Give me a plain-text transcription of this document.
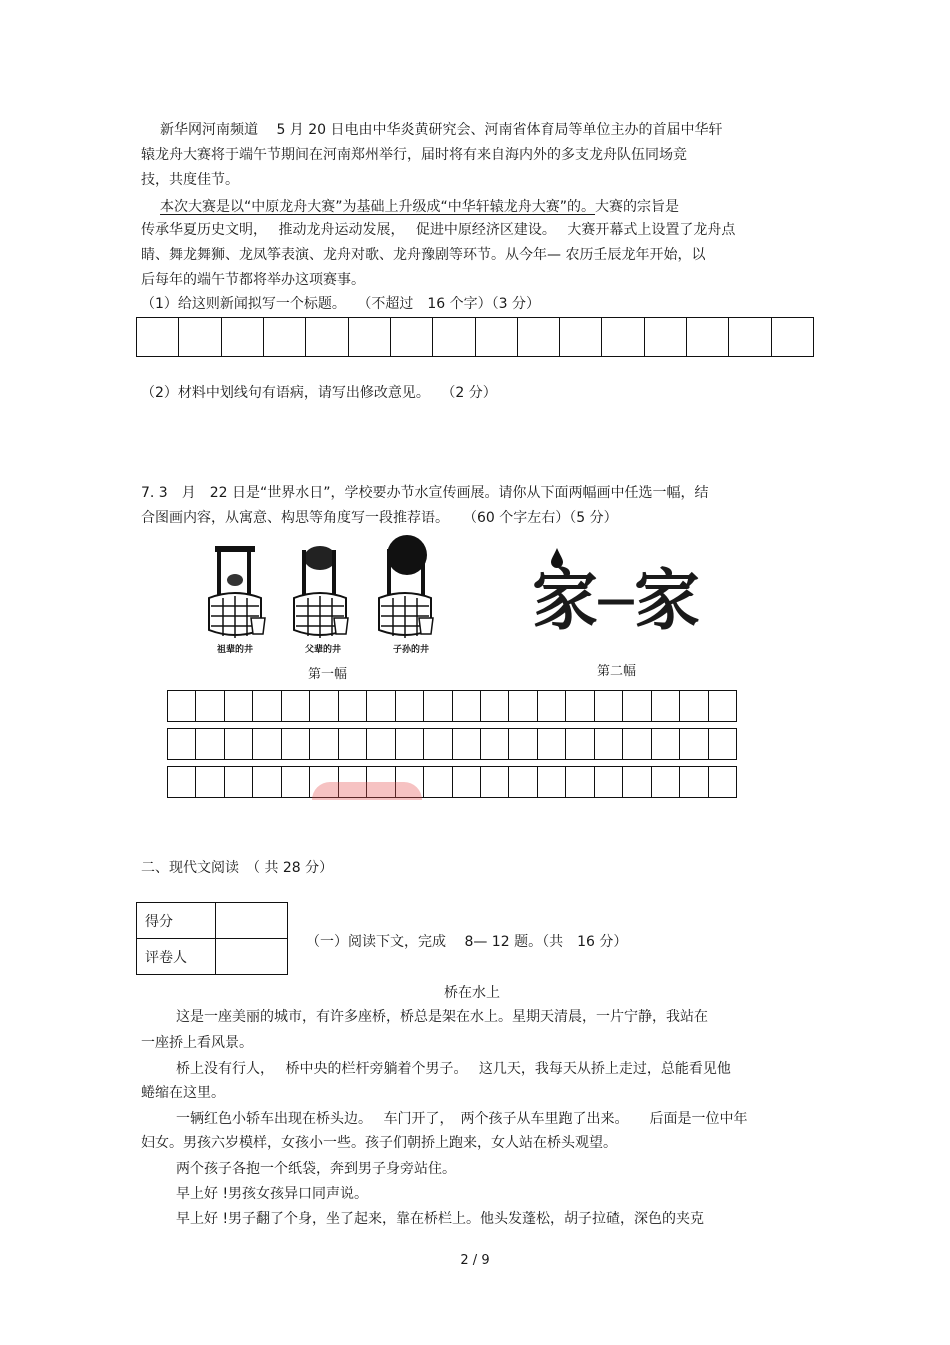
新华网河南频道　 5 月 20 日电由中华炎黄研究会、河南省体育局等单位主办的首届中华轩
辕龙舟大赛将于端午节期间在河南郑州举行，届时将有来自海内外的多支龙舟队伍同场竞
技，共度佳节。
本次大赛是以“中原龙舟大赛”为基础上升级成“中华轩辕龙舟大赛”的。大赛的宗旨是
传承华夏历史文明，　 推动龙舟运动发展，　 促进中原经济区建设。　 大赛开幕式上设置了龙舟点
睛、舞龙舞狮、龙凤筝表演、龙舟对歌、龙舟豫剧等环节。从今年— 农历壬辰龙年开始，以
后每年的端午节都将举办这项赛事。
（1）给这则新闻拟写一个标题。　 （不超过　16 个字）（3 分）
（2）材料中划线句有语病，请写出修改意见。　 （2 分）
7. 3　月　22 日是“世界水日”，学校要办节水宣传画展。请你从下面两幅画中任选一幅，结
合图画内容，从寓意、构思等角度写一段推荐语。　　（60 个字左右）（5 分）
祖辈的井	父辈的井	子孙的井
家
—
家
第一幅	第二幅
二、现代文阅读　（ 共 28 分）
得分	
评卷人	
（一）阅读下文，完成　 8— 12 题。（共　16 分）
桥在水上
这是一座美丽的城市，有许多座桥，桥总是架在水上。星期天清晨，一片宁静，我站在
一座挢上看风景。
桥上没有行人，　 桥中央的栏杆旁躺着个男子。　 这几天，我每天从挢上走过，总能看见他
蜷缩在这里。
一辆红色小轿车出现在桥头边。　 车门开了，　两个孩子从车里跑了出来。　　后面是一位中年
妇女。男孩六岁模样，女孩小一些。孩子们朝挢上跑来，女人站在桥头观望。
两个孩子各抱一个纸袋，奔到男子身旁站住。
早上好 !男孩女孩异口同声说。
早上好 !男子翻了个身，坐了起来，靠在桥栏上。他头发蓬松，胡子拉碴，深色的夹克
2 / 9
